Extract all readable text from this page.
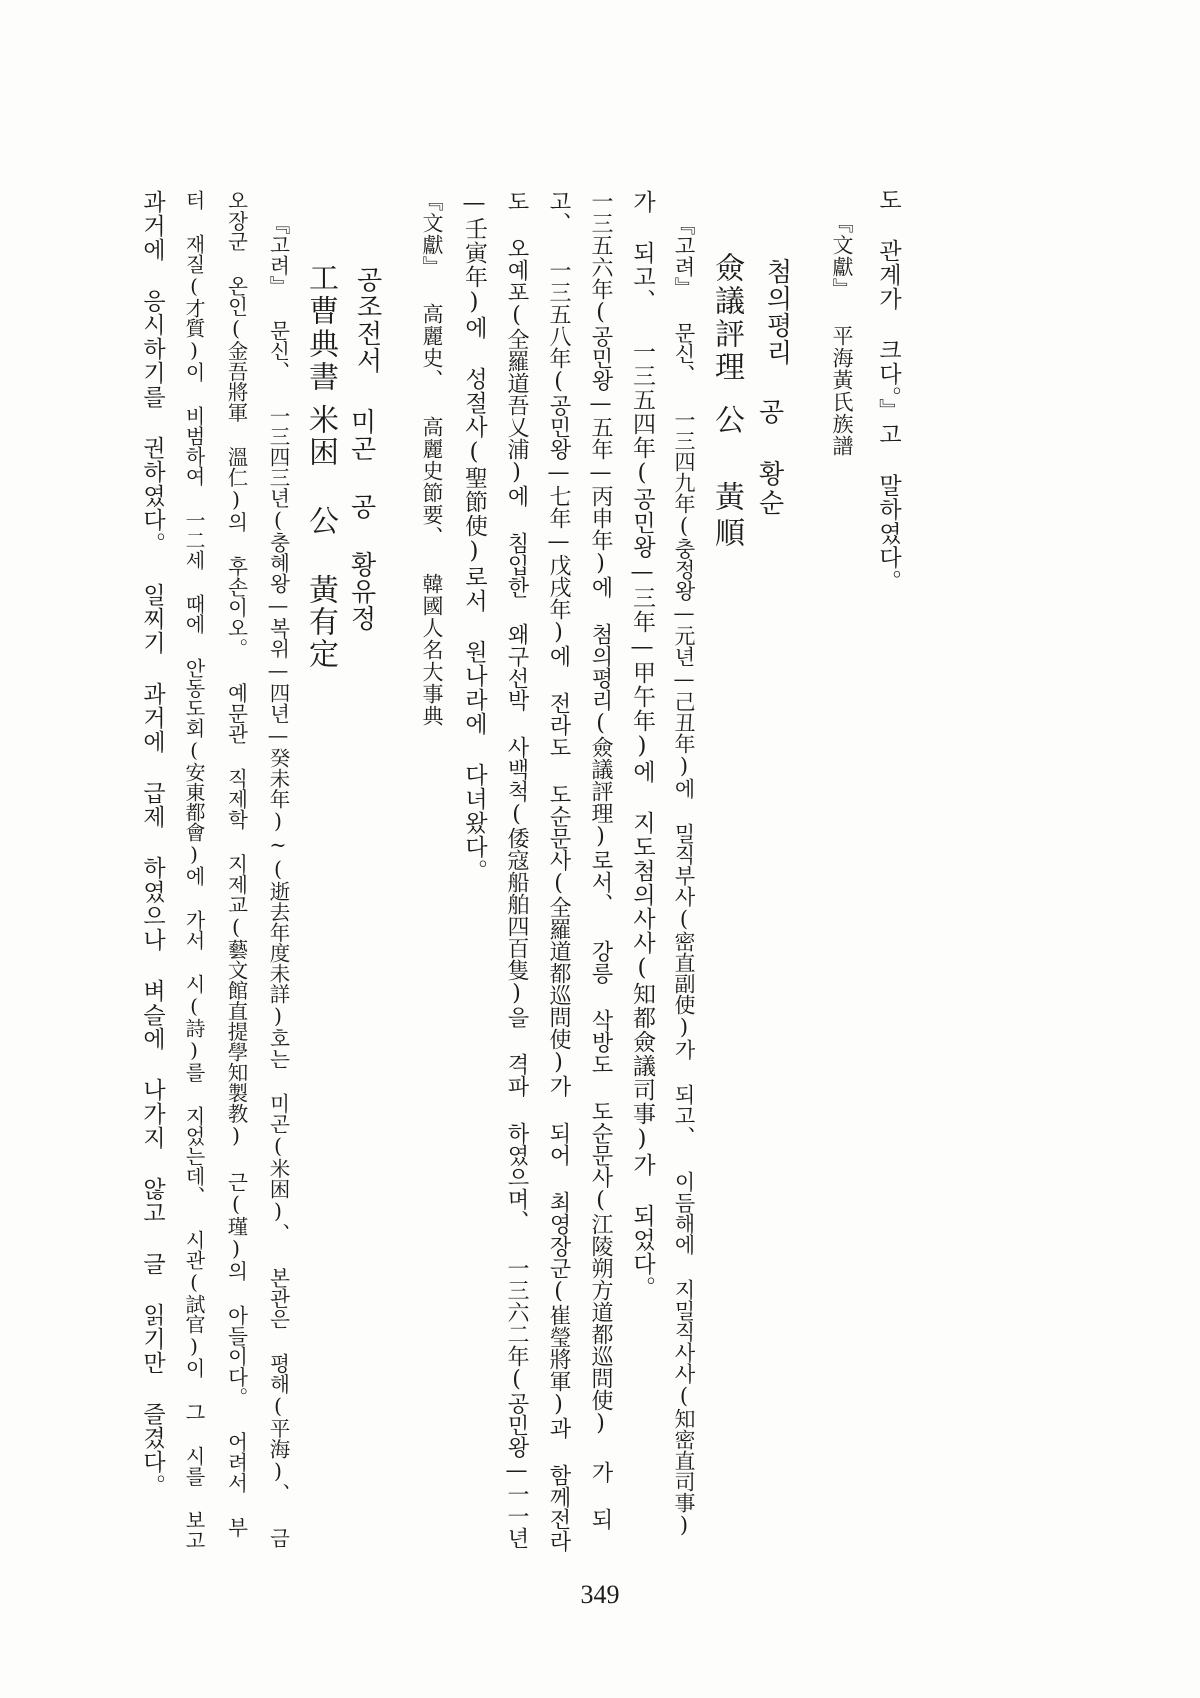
도 관계가 크다。』고 말하였다。
『文獻』 平海黃氏族譜
첨의평리
공 황순
僉議評理
公 黃順
『고려』 문신、 一三四九年(충정왕—元년—己丑年)에 밀직부사(密直副使)가 되고、 이듬해에 지밀직사사(知密直司事)
가 되고、 一三五四年(공민왕—三年—甲午年)에 지도첨의사사(知都僉議司事)가 되었다。
一三五六年(공민왕—五年—丙申年)에 첨의평리(僉議評理)로서、 강릉 삭방도 도순문사(江陵朔方道都巡問使) 가 되
고、 一三五八年(공민왕—七年—戊戌年)에 전라도 도순문사(全羅道都巡問使)가 되어 최영장군(崔瑩將軍)과 함께전라
도 오예포(全羅道吾乂浦)에 침입한 왜구선박 사백척(倭寇船舶四百隻)을 격파 하였으며、 一三六二年(공민왕—一一년
—壬寅年)에 성절사(聖節使)로서 원나라에 다녀왔다。
『文獻』 高麗史、 高麗史節要、 韓國人名大事典
공조전서
미곤 공 황유정
工曹典書
米困 公 黃有定
『고려』 문신、 一三四三년(충혜왕—복위—四년—癸未年)~(逝去年度未詳)호는 미곤(米困)、 본관은 평해(平海)、 금
오장군 온인(金吾將軍 溫仁)의 후손이오。 예문관 직제학 지제교(藝文館直提學知製教) 근(瑾)의 아들이다。 어려서 부
터 재질(才質)이 비범하여 一二세 때에 안동도회(安東都會)에 가서 시(詩)를 지었는데、 시관(試官)이 그 시를 보고
과거에 응시하기를 권하였다。 일찌기 과거에 급제 하였으나 벼슬에 나가지 않고 글 읽기만 즐겼다。
349
